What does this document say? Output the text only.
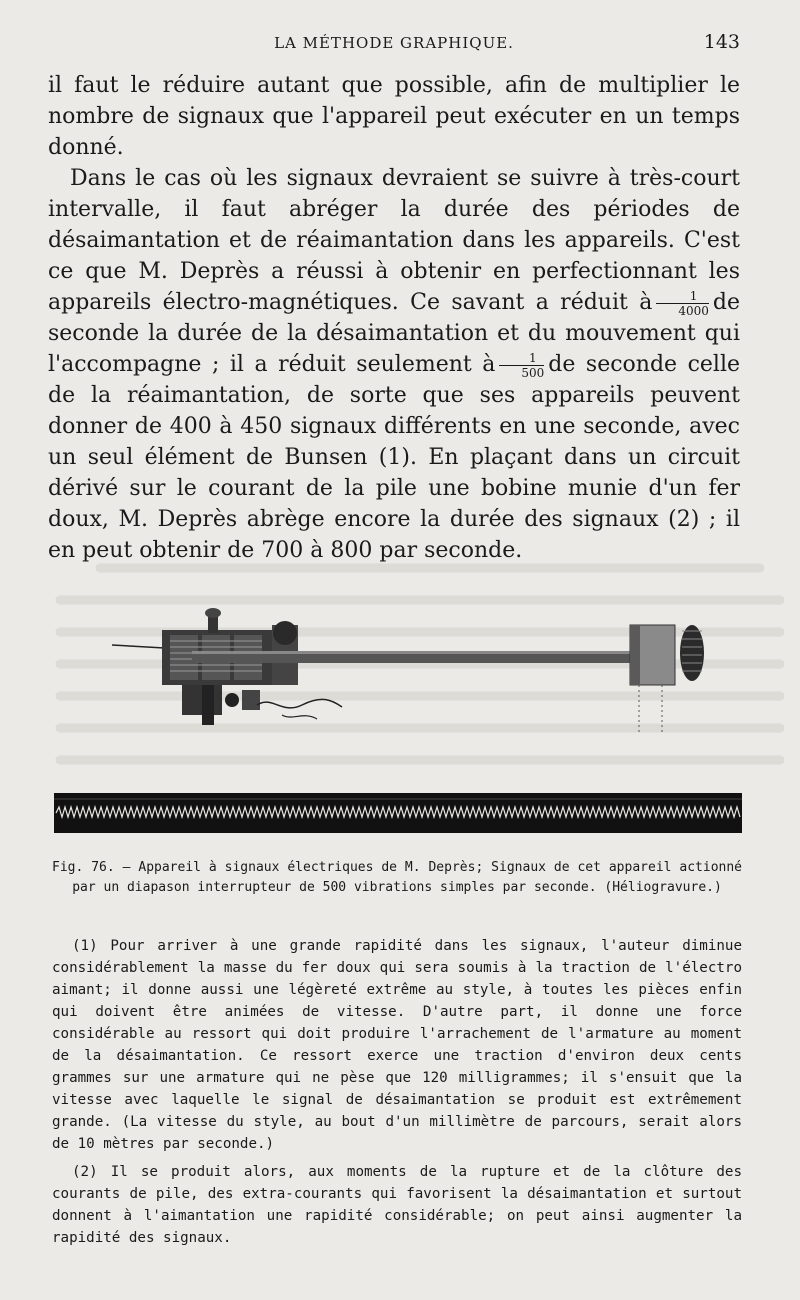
LA MÉTHODE GRAPHIQUE.	143

il faut le réduire autant que possible, afin de multiplier le nombre de signaux que l'appareil peut exécuter en un temps donné.

Dans le cas où les signaux devraient se suivre à très-court intervalle, il faut abréger la durée des périodes de désaimantation et de réaimantation dans les appareils. C'est ce que M. Deprès a réussi à obtenir en perfectionnant les appareils électro-magnétiques. Ce savant a réduit à $\frac{1}{4000}$ de seconde la durée de la désaimantation et du mouvement qui l'accompagne ; il a réduit seulement à $\frac{1}{500}$ de seconde celle de la réaimantation, de sorte que ses appareils peuvent donner de 400 à 450 signaux différents en une seconde, avec un seul élément de Bunsen (1). En plaçant dans un circuit dérivé sur le courant de la pile une bobine munie d'un fer doux, M. Deprès abrège encore la durée des signaux (2) ; il en peut obtenir de 700 à 800 par seconde.

Fig. 76. — Appareil à signaux électriques de M. Deprès; Signaux de cet appareil actionné
par un diapason interrupteur de 500 vibrations simples par seconde. (Héliogravure.)

(1) Pour arriver à une grande rapidité dans les signaux, l'auteur diminue considérablement la masse du fer doux qui sera soumis à la traction de l'électro aimant; il donne aussi une légèreté extrême au style, à toutes les pièces enfin qui doivent être animées de vitesse. D'autre part, il donne une force considérable au ressort qui doit produire l'arrachement de l'armature au moment de la désaimantation. Ce ressort exerce une traction d'environ deux cents grammes sur une armature qui ne pèse que 120 milligrammes; il s'ensuit que la vitesse avec laquelle le signal de désaimantation se produit est extrêmement grande. (La vitesse du style, au bout d'un millimètre de parcours, serait alors de 10 mètres par seconde.)

(2) Il se produit alors, aux moments de la rupture et de la clôture des courants de pile, des extra-courants qui favorisent la désaimantation et surtout donnent à l'aimantation une rapidité considérable; on peut ainsi augmenter la rapidité des signaux.
